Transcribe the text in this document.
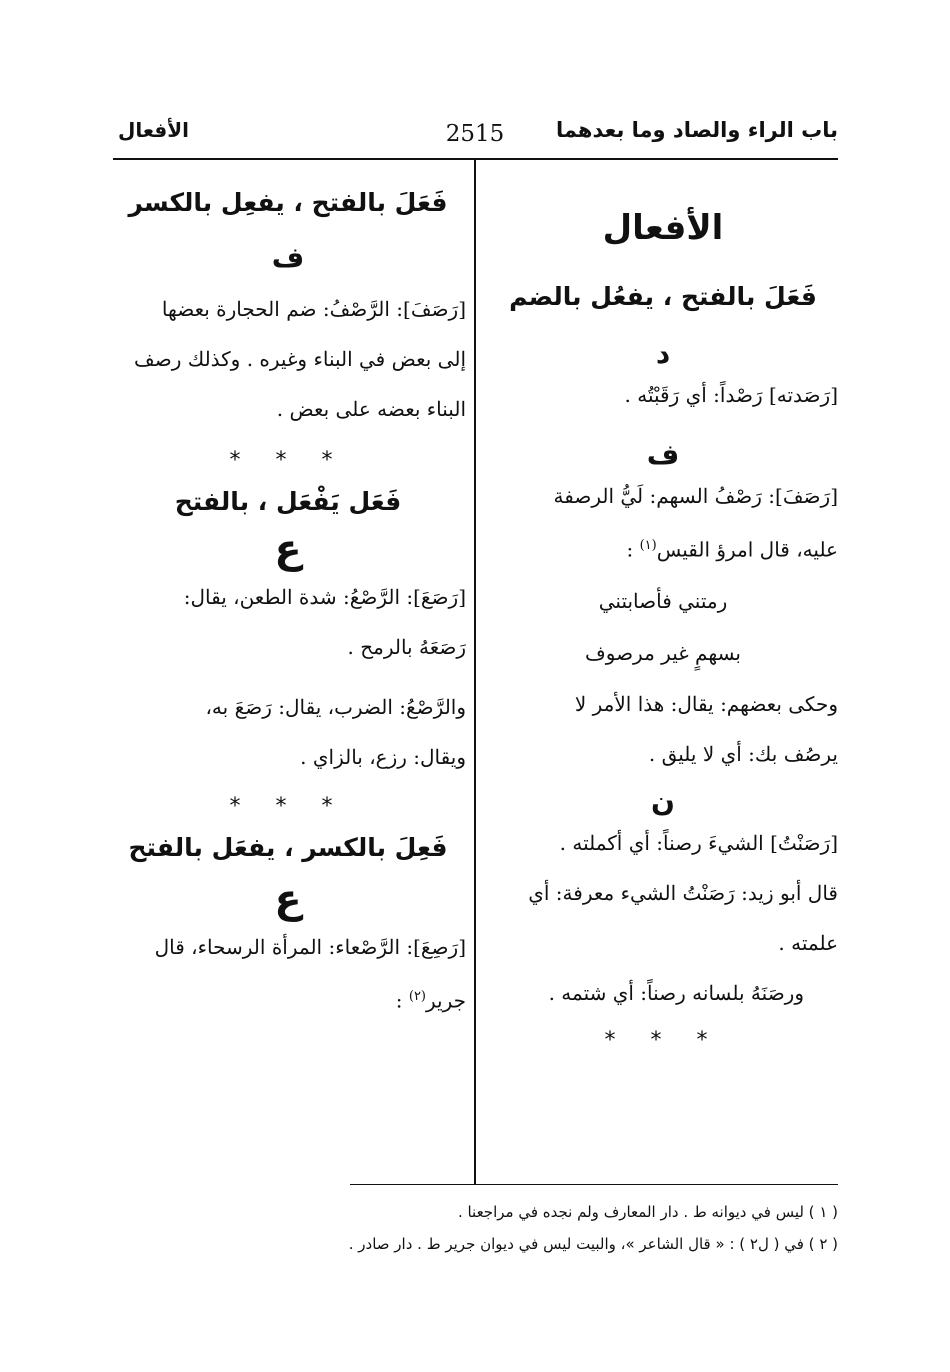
باب الراء والصاد وما بعدهما
2515
الأفعال

الأفعال

فَعَلَ بالفتح ، يفعُل بالضم

د

[رَصَدته] رَصْداً: أي رَقَبْتُه .

ف

[رَصَفَ]: رَصْفُ السهم: لَيُّ الرصفة

عليه، قال امرؤ القيس$^{(١)}$ :

رمتني فأصابتني

بسهمٍ غير مرصوف

وحكى بعضهم: يقال: هذا الأمر لا

يرصُف بك: أي لا يليق .

ن

[رَصَنْتُ] الشيءَ رصناً: أي أكملته .

قال أبو زيد: رَصَنْتُ الشيء معرفة: أي

علمته .

ورصَنَهُ بلسانه رصناً: أي شتمه .

* * *

فَعَلَ بالفتح ، يفعِل بالكسر

ف

[رَصَفَ]: الرَّصْفُ: ضم الحجارة بعضها

إلى بعض في البناء وغيره . وكذلك رصف

البناء بعضه على بعض .

* * *

فَعَل يَفْعَل ، بالفتح

ع

[رَصَعَ]: الرَّصْعُ: شدة الطعن، يقال:

رَصَعَهُ بالرمح .

والرَّصْعُ: الضرب، يقال: رَصَعَ به،

ويقال: رزع، بالزاي .

* * *

فَعِلَ بالكسر ، يفعَل بالفتح

ع

[رَصِعَ]: الرَّصْعاء: المرأة الرسحاء، قال

جرير$^{(٢)}$ :

( ١ ) ليس في ديوانه ط . دار المعارف ولم نجده في مراجعنا .

( ٢ ) في ( ل٢ ) : « قال الشاعر »، والبيت ليس في ديوان جرير ط . دار صادر .
